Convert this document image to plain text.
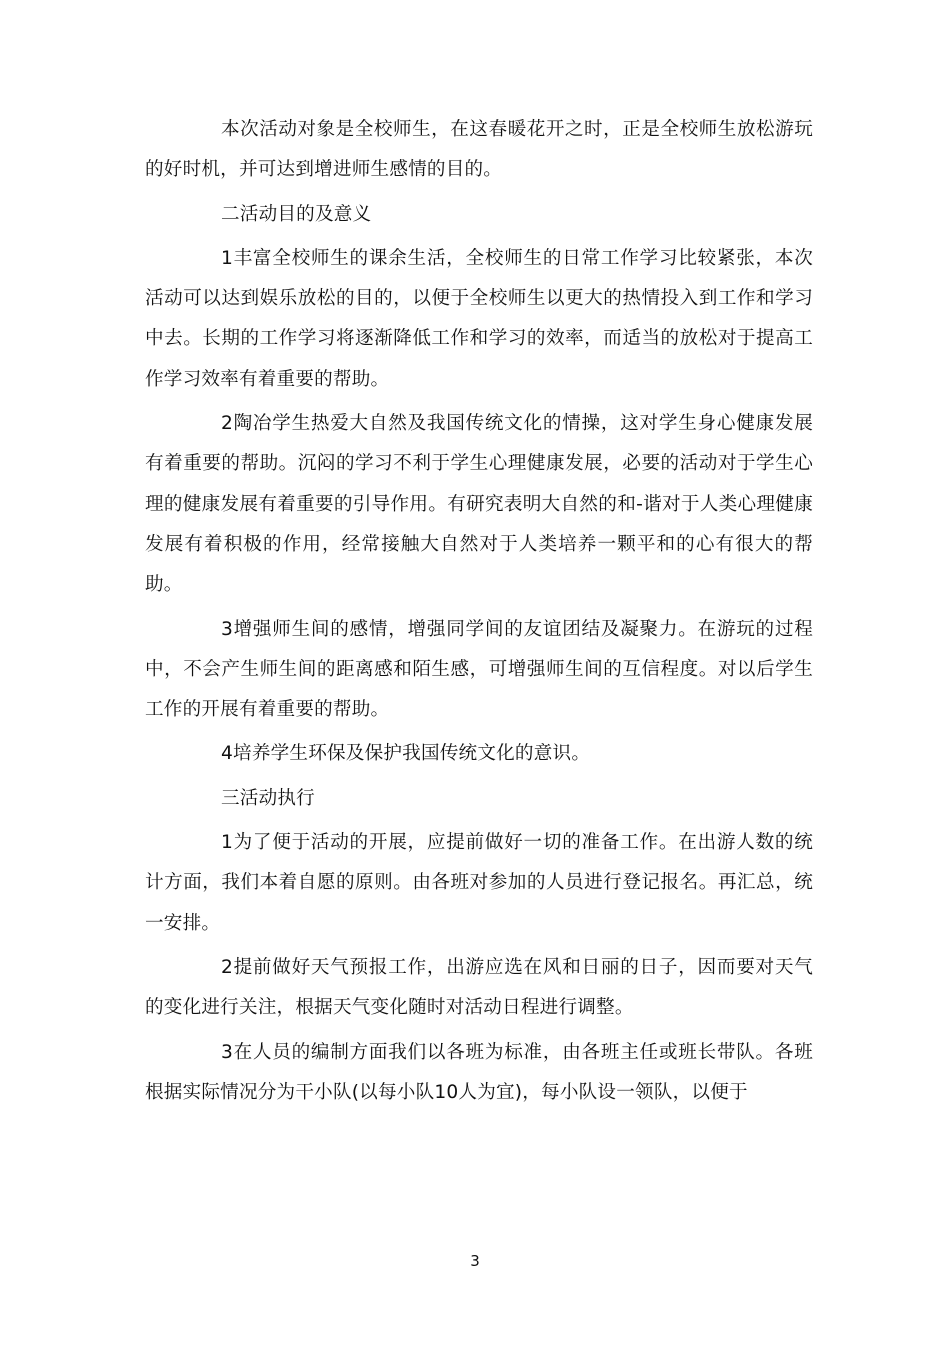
本次活动对象是全校师生，在这春暖花开之时，正是全校师生放松游玩的好时机，并可达到增进师生感情的目的。

二活动目的及意义

1丰富全校师生的课余生活，全校师生的日常工作学习比较紧张，本次活动可以达到娱乐放松的目的，以便于全校师生以更大的热情投入到工作和学习中去。长期的工作学习将逐渐降低工作和学习的效率，而适当的放松对于提高工作学习效率有着重要的帮助。

2陶冶学生热爱大自然及我国传统文化的情操，这对学生身心健康发展有着重要的帮助。沉闷的学习不利于学生心理健康发展，必要的活动对于学生心理的健康发展有着重要的引导作用。有研究表明大自然的和-谐对于人类心理健康发展有着积极的作用，经常接触大自然对于人类培养一颗平和的心有很大的帮助。

3增强师生间的感情，增强同学间的友谊团结及凝聚力。在游玩的过程中，不会产生师生间的距离感和陌生感，可增强师生间的互信程度。对以后学生工作的开展有着重要的帮助。

4培养学生环保及保护我国传统文化的意识。

三活动执行

1为了便于活动的开展，应提前做好一切的准备工作。在出游人数的统计方面，我们本着自愿的原则。由各班对参加的人员进行登记报名。再汇总，统一安排。

2提前做好天气预报工作，出游应选在风和日丽的日子，因而要对天气的变化进行关注，根据天气变化随时对活动日程进行调整。

3在人员的编制方面我们以各班为标准，由各班主任或班长带队。各班根据实际情况分为干小队(以每小队10人为宜)，每小队设一领队，以便于

3
